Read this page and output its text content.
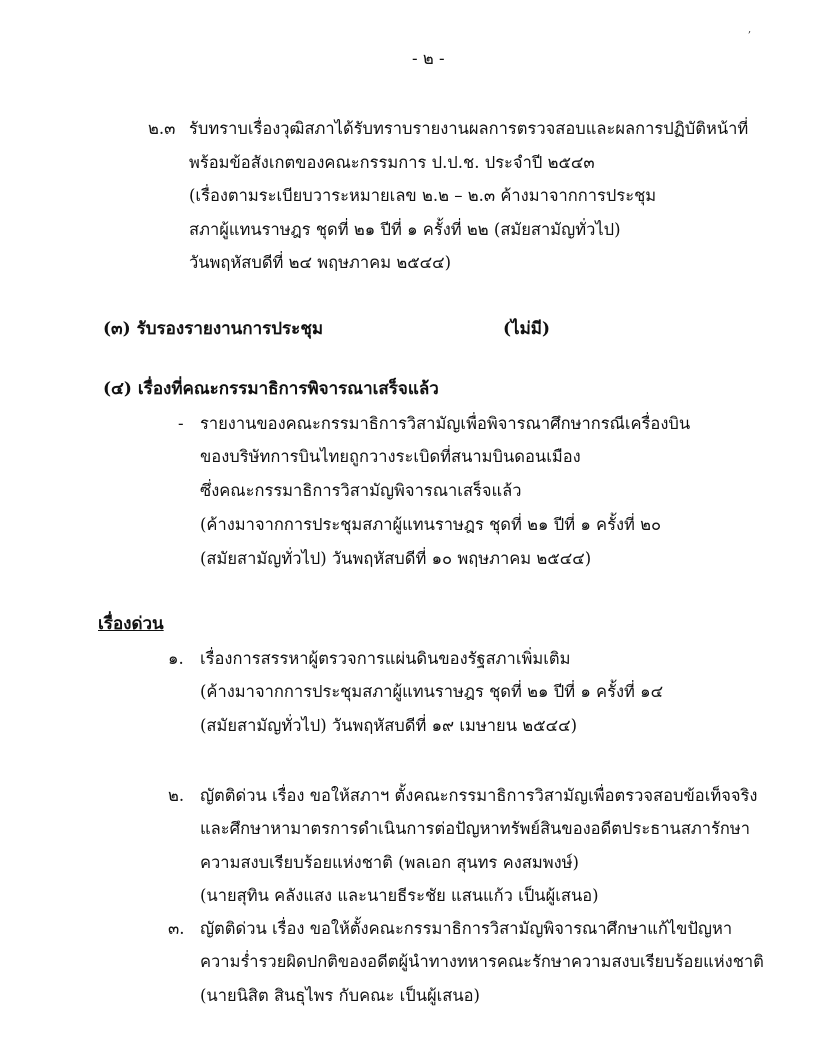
,
- ๒ -
๒.๓ รับทราบเรื่องวุฒิสภาได้รับทราบรายงานผลการตรวจสอบและผลการปฏิบัติหน้าที่
พร้อมข้อสังเกตของคณะกรรมการ ป.ป.ช. ประจำปี ๒๕๔๓
(เรื่องตามระเบียบวาระหมายเลข ๒.๒ – ๒.๓ ค้างมาจากการประชุม
สภาผู้แทนราษฎร ชุดที่ ๒๑ ปีที่ ๑ ครั้งที่ ๒๒ (สมัยสามัญทั่วไป)
วันพฤหัสบดีที่ ๒๔ พฤษภาคม ๒๕๔๔)
(๓) รับรองรายงานการประชุม	(ไม่มี)
(๔) เรื่องที่คณะกรรมาธิการพิจารณาเสร็จแล้ว
- รายงานของคณะกรรมาธิการวิสามัญเพื่อพิจารณาศึกษากรณีเครื่องบิน
ของบริษัทการบินไทยถูกวางระเบิดที่สนามบินดอนเมือง
ซึ่งคณะกรรมาธิการวิสามัญพิจารณาเสร็จแล้ว
(ค้างมาจากการประชุมสภาผู้แทนราษฎร ชุดที่ ๒๑ ปีที่ ๑ ครั้งที่ ๒๐
(สมัยสามัญทั่วไป) วันพฤหัสบดีที่ ๑๐ พฤษภาคม ๒๕๔๔)
เรื่องด่วน
๑. เรื่องการสรรหาผู้ตรวจการแผ่นดินของรัฐสภาเพิ่มเติม
(ค้างมาจากการประชุมสภาผู้แทนราษฎร ชุดที่ ๒๑ ปีที่ ๑ ครั้งที่ ๑๔
(สมัยสามัญทั่วไป) วันพฤหัสบดีที่ ๑๙ เมษายน ๒๕๔๔)
๒. ญัตติด่วน เรื่อง ขอให้สภาฯ ตั้งคณะกรรมาธิการวิสามัญเพื่อตรวจสอบข้อเท็จจริง
และศึกษาหามาตรการดำเนินการต่อปัญหาทรัพย์สินของอดีตประธานสภารักษา
ความสงบเรียบร้อยแห่งชาติ (พลเอก สุนทร คงสมพงษ์)
(นายสุทิน คลังแสง และนายธีระชัย แสนแก้ว เป็นผู้เสนอ)
๓. ญัตติด่วน เรื่อง ขอให้ตั้งคณะกรรมาธิการวิสามัญพิจารณาศึกษาแก้ไขปัญหา
ความร่ำรวยผิดปกติของอดีตผู้นำทางทหารคณะรักษาความสงบเรียบร้อยแห่งชาติ
(นายนิสิต สินธุไพร กับคณะ เป็นผู้เสนอ)
